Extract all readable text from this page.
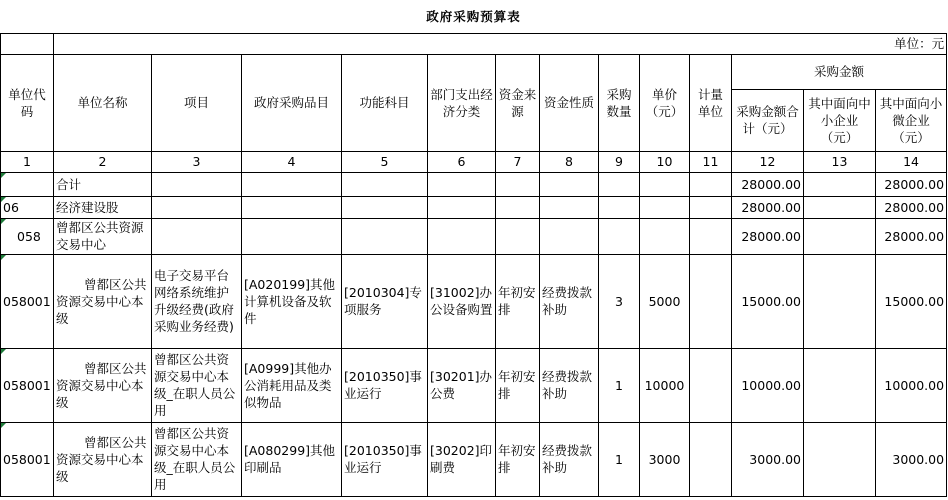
政府采购预算表													
	单位：元												
单位代码	单位名称	项目	政府采购品目	功能科目	部门支出经济分类	资金来源	资金性质	采购数量	单价（元）	计量单位	采购金额		
											采购金额合计（元）	其中面向中小企业（元）	其中面向小微企业（元）
1	2	3	4	5	6	7	8	9	10	11	12	13	14

	合计										28000.00		28000.00

06	经济建设股										28000.00		28000.00

058	曾都区公共资源交易中心										28000.00		28000.00

058001	曾都区公共资源交易中心本级	电子交易平台网络系统维护升级经费(政府采购业务经费)	[A020199]其他计算机设备及软件	[2010304]专项服务	[31002]办公设备购置	年初安排	经费拨款补助	3	5000		15000.00		15000.00

058001	曾都区公共资源交易中心本级	曾都区公共资源交易中心本级_在职人员公用	[A0999]其他办公消耗用品及类似物品	[2010350]事业运行	[30201]办公费	年初安排	经费拨款补助	1	10000		10000.00		10000.00

058001	曾都区公共资源交易中心本级	曾都区公共资源交易中心本级_在职人员公用	[A080299]其他印刷品	[2010350]事业运行	[30202]印刷费	年初安排	经费拨款补助	1	3000		3000.00		3000.00
